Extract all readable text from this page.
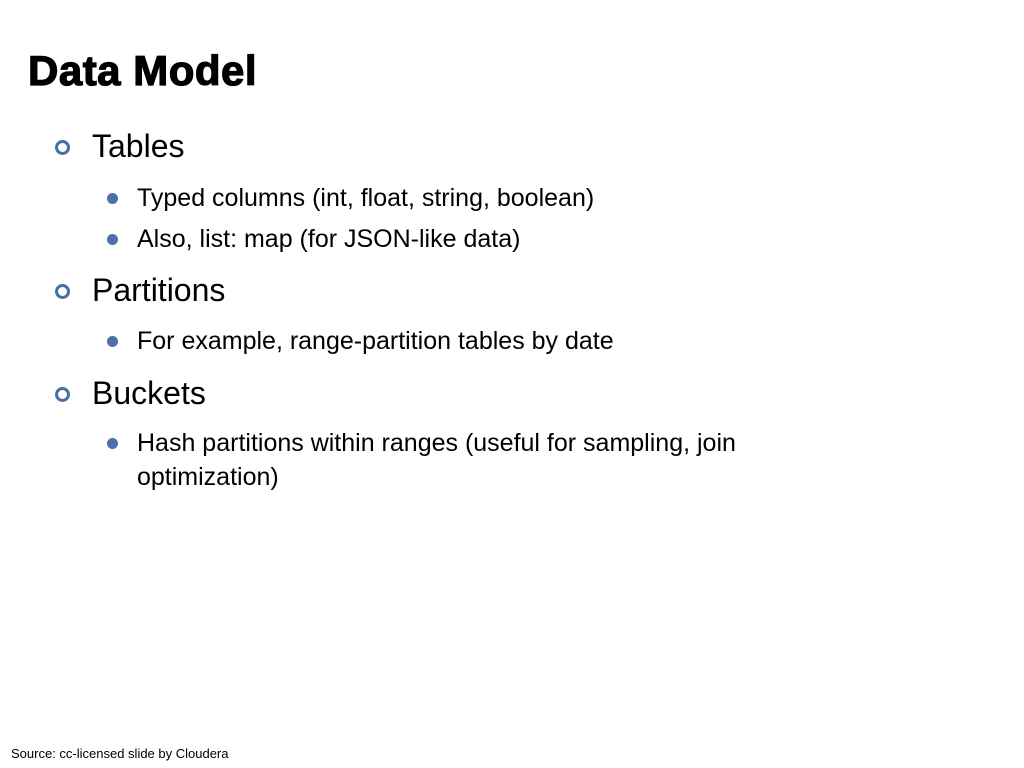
Data Model
Tables
Typed columns (int, float, string, boolean)
Also, list: map (for JSON-like data)
Partitions
For example, range-partition tables by date
Buckets
Hash partitions within ranges (useful for sampling, join optimization)
Source: cc-licensed slide by Cloudera
